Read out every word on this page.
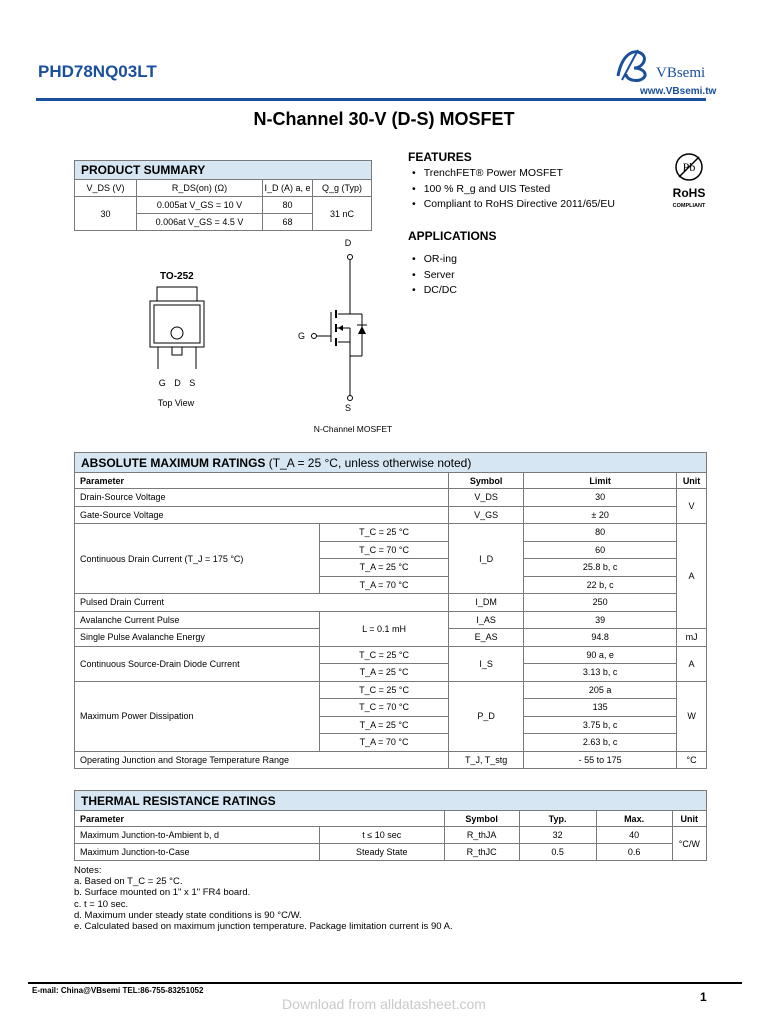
PHD78NQ03LT	VBsemi
www.VBsemi.tw
N-Channel 30-V (D-S) MOSFET
PRODUCT SUMMARY			
V_DS (V)	R_DS(on) (Ω)	I_D (A) a, e	Q_g (Typ)
30	0.005at V_GS = 10 V	80	31 nC
	0.006at V_GS = 4.5 V	68	
FEATURES
• TrenchFET® Power MOSFET
• 100 % R_g and UIS Tested
• Compliant to RoHS Directive 2011/65/EU
APPLICATIONS
• OR-ing
• Server
• DC/DC
Pb
RoHS
COMPLIANT
TO-252
G D S
Top View
D
G
S
N-Channel MOSFET
ABSOLUTE MAXIMUM RATINGS (T_A = 25 °C, unless otherwise noted)				
Parameter		Symbol	Limit	Unit
Drain-Source Voltage		V_DS	30	V
Gate-Source Voltage		V_GS	± 20	
Continuous Drain Current (T_J = 175 °C)	T_C = 25 °C	I_D	80	A
	T_C = 70 °C		60	
	T_A = 25 °C		25.8 b, c	
	T_A = 70 °C		22 b, c	
Pulsed Drain Current		I_DM	250	
Avalanche Current Pulse	L = 0.1 mH	I_AS	39	
Single Pulse Avalanche Energy		E_AS	94.8	mJ
Continuous Source-Drain Diode Current	T_C = 25 °C	I_S	90 a, e	A
	T_A = 25 °C		3.13 b, c	
Maximum Power Dissipation	T_C = 25 °C	P_D	205 a	W
	T_C = 70 °C		135	
	T_A = 25 °C		3.75 b, c	
	T_A = 70 °C		2.63 b, c	
Operating Junction and Storage Temperature Range		T_J, T_stg	- 55 to 175	°C
THERMAL RESISTANCE RATINGS					
Parameter		Symbol	Typ.	Max.	Unit
Maximum Junction-to-Ambient b, d	t ≤ 10 sec	R_thJA	32	40	°C/W
Maximum Junction-to-Case	Steady State	R_thJC	0.5	0.6	
Notes:
a. Based on T_C = 25 °C.
b. Surface mounted on 1" x 1" FR4 board.
c. t = 10 sec.
d. Maximum under steady state conditions is 90 °C/W.
e. Calculated based on maximum junction temperature. Package limitation current is 90 A.
E-mail: China@VBsemi TEL:86-755-83251052	1
Download from alldatasheet.com
